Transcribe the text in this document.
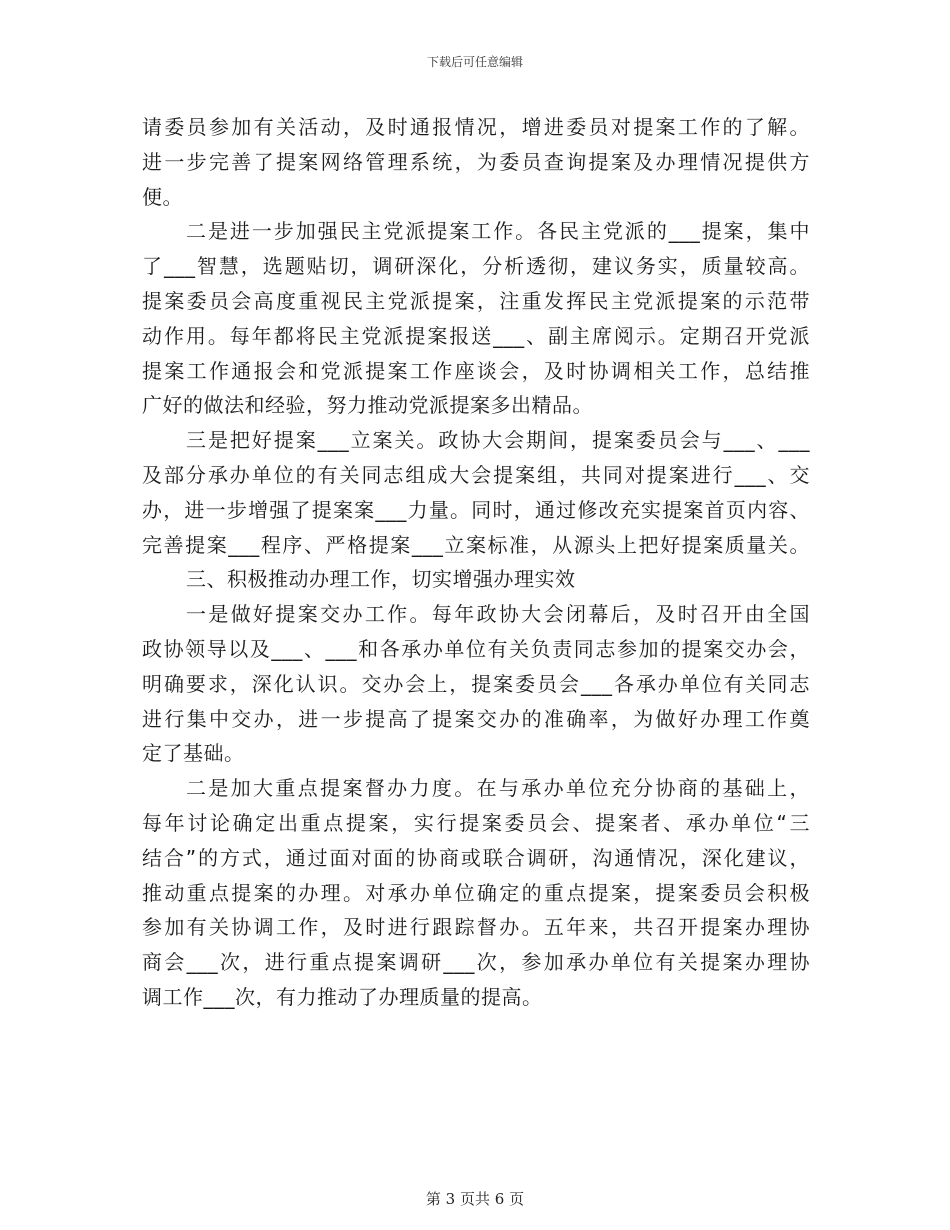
下载后可任意编辑
请委员参加有关活动，及时通报情况，增进委员对提案工作的了解。
进一步完善了提案网络管理系统，为委员查询提案及办理情况提供方
便。
二是进一步加强民主党派提案工作。各民主党派的___提案，集中
了___智慧，选题贴切，调研深化，分析透彻，建议务实，质量较高。
提案委员会高度重视民主党派提案，注重发挥民主党派提案的示范带
动作用。每年都将民主党派提案报送___、副主席阅示。定期召开党派
提案工作通报会和党派提案工作座谈会，及时协调相关工作，总结推
广好的做法和经验，努力推动党派提案多出精品。
三是把好提案___立案关。政协大会期间，提案委员会与___、___
及部分承办单位的有关同志组成大会提案组，共同对提案进行___、交
办，进一步增强了提案案___力量。同时，通过修改充实提案首页内容、
完善提案___程序、严格提案___立案标准，从源头上把好提案质量关。
三、积极推动办理工作，切实增强办理实效
一是做好提案交办工作。每年政协大会闭幕后，及时召开由全国
政协领导以及___、___和各承办单位有关负责同志参加的提案交办会，
明确要求，深化认识。交办会上，提案委员会___各承办单位有关同志
进行集中交办，进一步提高了提案交办的准确率，为做好办理工作奠
定了基础。
二是加大重点提案督办力度。在与承办单位充分协商的基础上，
每年讨论确定出重点提案，实行提案委员会、提案者、承办单位“三
结合”的方式，通过面对面的协商或联合调研，沟通情况，深化建议，
推动重点提案的办理。对承办单位确定的重点提案，提案委员会积极
参加有关协调工作，及时进行跟踪督办。五年来，共召开提案办理协
商会___次，进行重点提案调研___次，参加承办单位有关提案办理协
调工作___次，有力推动了办理质量的提高。
第 3 页共 6 页
